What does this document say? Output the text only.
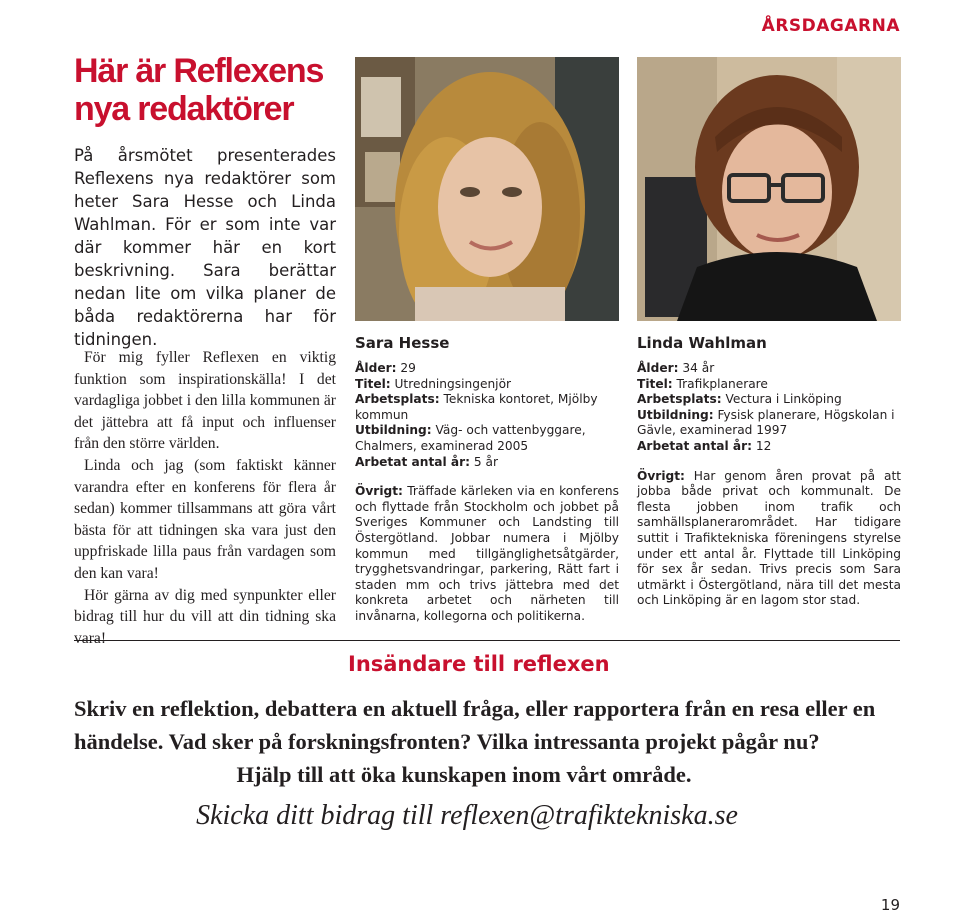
ÅRSDAGARNA
Här är Reflexens nya redaktörer

På årsmötet presenterades Reflexens nya redaktörer som heter Sara Hesse och Linda Wahlman. För er som inte var där kommer här en kort beskrivning. Sara berättar nedan lite om vilka planer de båda redaktörerna har för tidningen.

För mig fyller Reflexen en viktig funktion som inspirationskälla! I det vardagliga jobbet i den lilla kommunen är det jättebra att få input och influenser från den större världen.

Linda och jag (som faktiskt känner varandra efter en konferens för flera år sedan) kommer tillsammans att göra vårt bästa för att tidningen ska vara just den uppfriskade lilla paus från vardagen som den kan vara!

Hör gärna av dig med synpunkter eller bidrag till hur du vill att din tidning ska vara!

Sara Hesse

Ålder: 29

Titel: Utredningsingenjör

Arbetsplats: Tekniska kontoret, Mjölby kommun

Utbildning: Väg- och vattenbyggare, Chalmers, examinerad 2005

Arbetat antal år: 5 år

Övrigt: Träffade kärleken via en konferens och flyttade från Stockholm och jobbet på Sveriges Kommuner och Landsting till Östergötland. Jobbar numera i Mjölby kommun med tillgänglighetsåtgärder, trygghetsvandringar, parkering, Rätt fart i staden mm och trivs jättebra med det konkreta arbetet och närheten till invånarna, kollegorna och politikerna.

Linda Wahlman

Ålder: 34 år

Titel: Trafikplanerare

Arbetsplats: Vectura i Linköping

Utbildning: Fysisk planerare, Högskolan i Gävle, examinerad 1997

Arbetat antal år: 12

Övrigt: Har genom åren provat på att jobba både privat och kommunalt. De flesta jobben inom trafik och samhällsplanerarområdet. Har tidigare suttit i Trafiktekniska föreningens styrelse under ett antal år. Flyttade till Linköping för sex år sedan. Trivs precis som Sara utmärkt i Östergötland, nära till det mesta och Linköping är en lagom stor stad.

Insändare till reflexen
Skriv en reflektion, debattera en aktuell fråga, eller rapportera från en resa eller en händelse. Vad sker på forskningsfronten? Vilka intressanta projekt pågår nu?
Hjälp till att öka kunskapen inom vårt område.
Skicka ditt bidrag till reflexen@trafiktekniska.se
19
